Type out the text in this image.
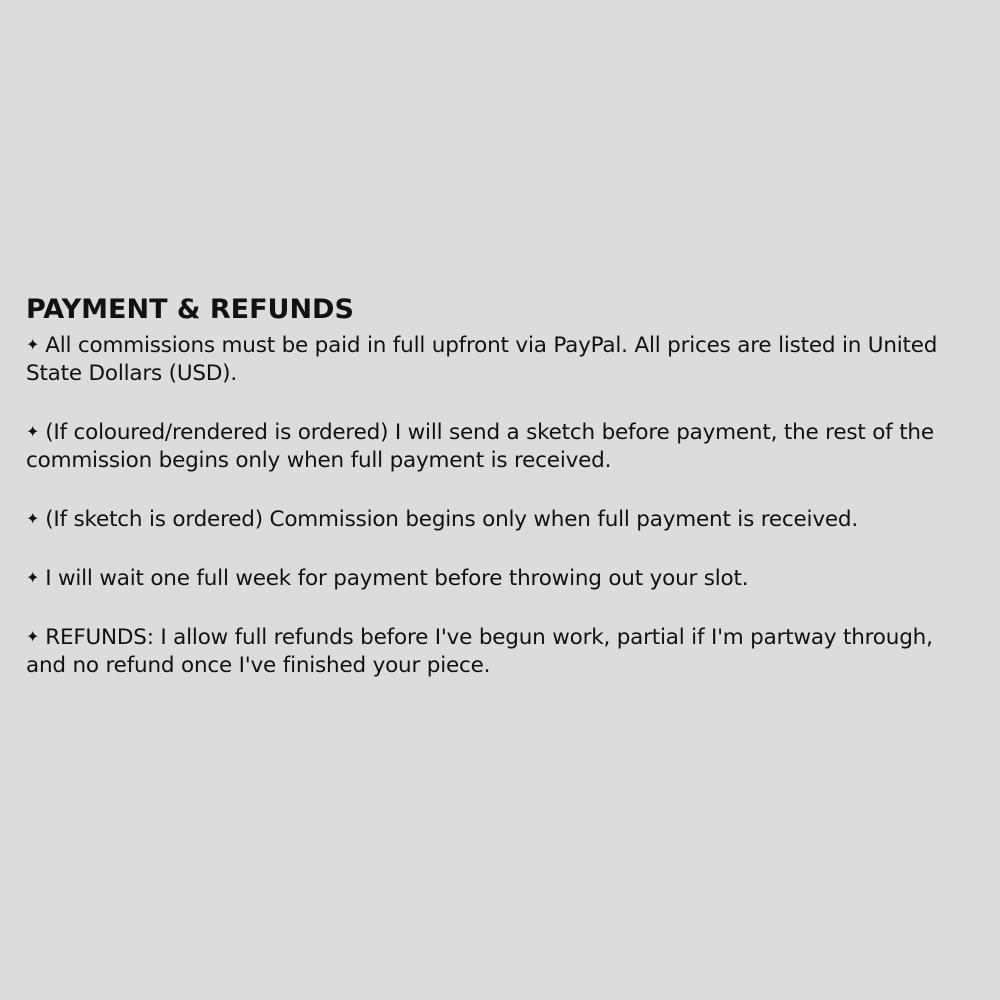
PAYMENT & REFUNDS
✦ All commissions must be paid in full upfront via PayPal. All prices are listed in United State Dollars (USD).
✦ (If coloured/rendered is ordered) I will send a sketch before payment, the rest of the commission begins only when full payment is received.
✦ (If sketch is ordered) Commission begins only when full payment is received.
✦ I will wait one full week for payment before throwing out your slot.
✦ REFUNDS: I allow full refunds before I've begun work, partial if I'm partway through, and no refund once I've finished your piece.
